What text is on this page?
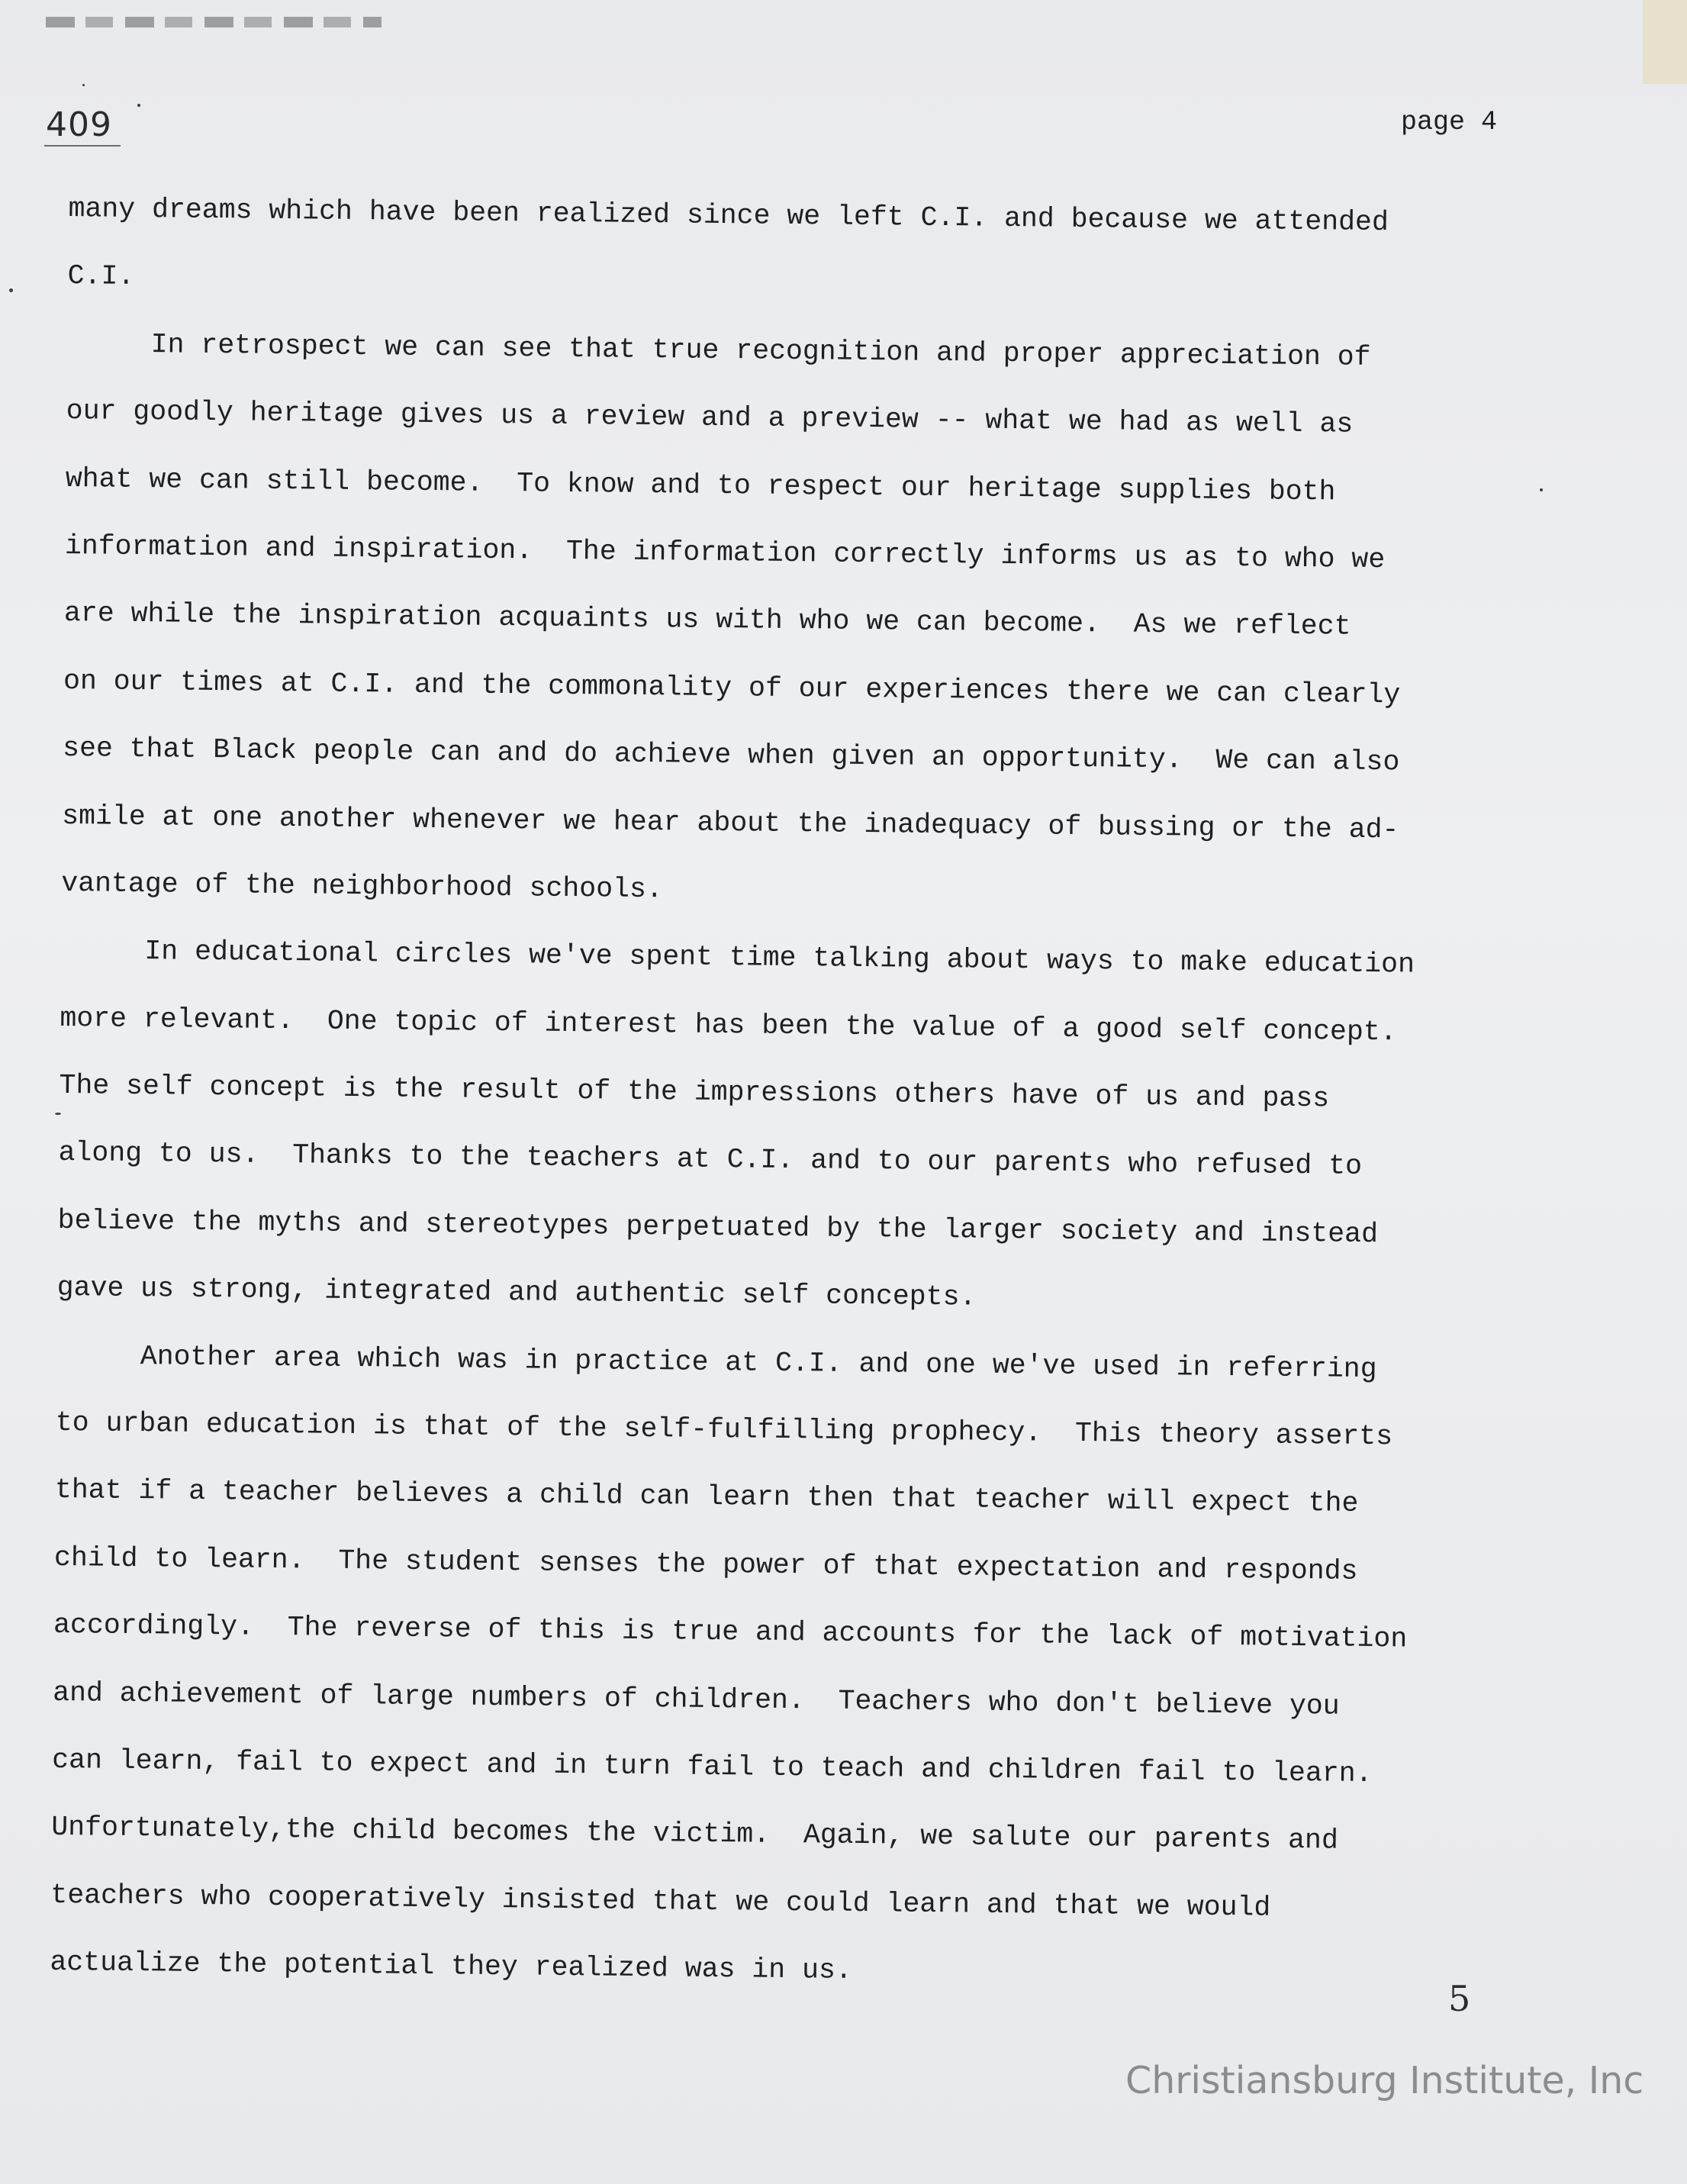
409	page 4
many dreams which have been realized since we left C.I. and because we attended
C.I.
In retrospect we can see that true recognition and proper appreciation of
our goodly heritage gives us a review and a preview -- what we had as well as
what we can still become.  To know and to respect our heritage supplies both
information and inspiration.  The information correctly informs us as to who we
are while the inspiration acquaints us with who we can become.  As we reflect
on our times at C.I. and the commonality of our experiences there we can clearly
see that Black people can and do achieve when given an opportunity.  We can also
smile at one another whenever we hear about the inadequacy of bussing or the ad-
vantage of the neighborhood schools.
In educational circles we've spent time talking about ways to make education
more relevant.  One topic of interest has been the value of a good self concept.
The self concept is the result of the impressions others have of us and pass
along to us.  Thanks to the teachers at C.I. and to our parents who refused to
believe the myths and stereotypes perpetuated by the larger society and instead
gave us strong, integrated and authentic self concepts.
Another area which was in practice at C.I. and one we've used in referring
to urban education is that of the self-fulfilling prophecy.  This theory asserts
that if a teacher believes a child can learn then that teacher will expect the
child to learn.  The student senses the power of that expectation and responds
accordingly.  The reverse of this is true and accounts for the lack of motivation
and achievement of large numbers of children.  Teachers who don't believe you
can learn, fail to expect and in turn fail to teach and children fail to learn.
Unfortunately,the child becomes the victim.  Again, we salute our parents and
teachers who cooperatively insisted that we could learn and that we would
actualize the potential they realized was in us.
5
Christiansburg Institute, Inc
